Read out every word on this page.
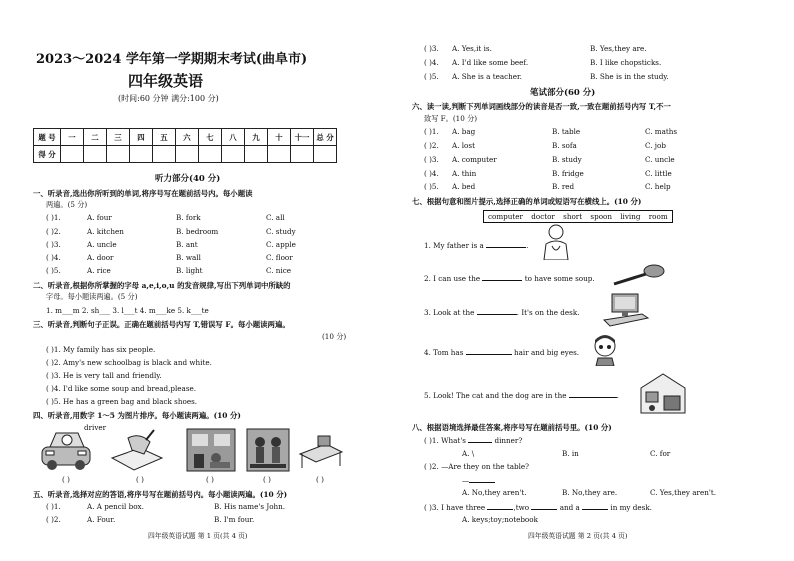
2023～2024 学年第一学期期末考试(曲阜市)
四年级英语
(时间:60 分钟 满分:100 分)
题 号	一	二	三	四	五	六	七	八	九	十	十一	总 分
得 分												
听力部分(40 分)
一、听录音,选出你所听到的单词,将序号写在题前括号内。每小题读
两遍。(5 分)
( )1.	A. four	B. fork	C. all
( )2.	A. kitchen	B. bedroom	C. study
( )3.	A. uncle	B. ant	C. apple
( )4.	A. door	B. wall	C. floor
( )5.	A. rice	B. light	C. nice
二、听录音,根据你所掌握的字母 a,e,i,o,u 的发音规律,写出下列单词中所缺的
字母。每小题读两遍。(5 分)
1. m___m 2. sh___ 3. l___t 4. m___ke 5. k___te
三、听录音,判断句子正误。正确在题前括号内写 T,错误写 F。每小题读两遍。
(10 分)
( )1. My family has six people.
( )2. Amy's new schoolbag is black and white.
( )3. He is very tall and friendly.
( )4. I'd like some soup and bread,please.
( )5. He has a green bag and black shoes.
四、听录音,用数字 1～5 为图片排序。每小题读两遍。(10 分)
driver
( )	( )	( )	( )	( )
五、听录音,选择对应的答语,将序号写在题前括号内。每小题读两遍。(10 分)
( )1.	A. A pencil box.	B. His name's John.
( )2.	A. Four.	B. I'm four.
四年级英语试题 第 1 页(共 4 页)
( )3. A. Yes,it is.	B. Yes,they are.
( )4. A. I'd like some beef.	B. I like chopsticks.
( )5. A. She is a teacher.	B. She is in the study.
笔试部分(60 分)
六、读一读,判断下列单词画线部分的读音是否一致,一致在题前括号内写 T,不一
致写 F。(10 分)
( )1. A. bag	B. table	C. maths
( )2. A. lost	B. sofa	C. job
( )3. A. computer	B. study	C. uncle
( )4. A. thin	B. fridge	C. little
( )5. A. bed	B. red	C. help
七、根据句意和图片提示,选择正确的单词或短语写在横线上。(10 分)
computer doctor short spoon living room
1. My father is a	.
2. I can use the	to have some soup.
3. Look at the	. It's on the desk.
4. Tom has	hair and big eyes.
5. Look! The cat and the dog are in the	.
八、根据语境选择最佳答案,将序号写在题前括号里。(10 分)
( )1. What's	dinner?
A. \	B. in	C. for
( )2. —Are they on the table?
—
A. No,they aren't.	B. No,they are.	C. Yes,they aren't.
( )3. I have three	,two	and a	in my desk.
A. keys;toy;notebook
四年级英语试题 第 2 页(共 4 页)
